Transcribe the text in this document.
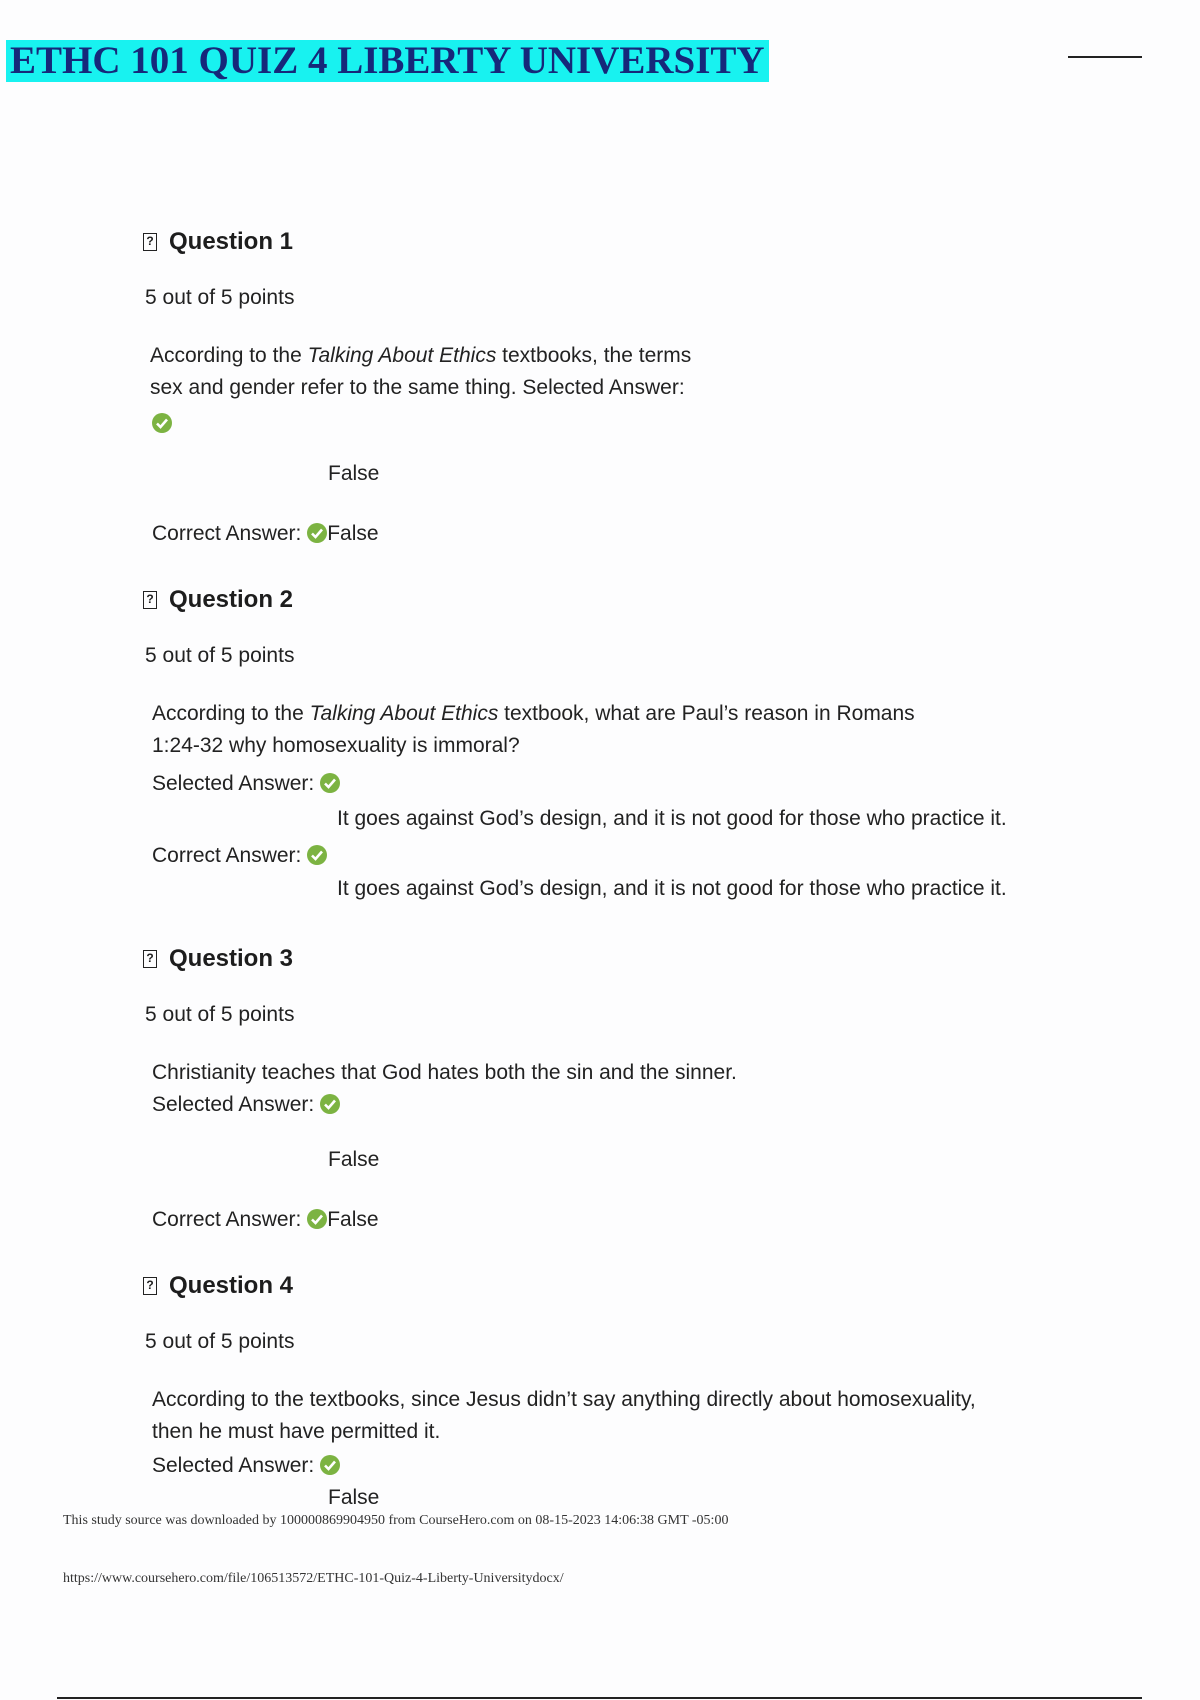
ETHC 101 QUIZ 4 LIBERTY UNIVERSITY
? Question 1
5 out of 5 points
According to the Talking About Ethics textbooks, the terms
sex and gender refer to the same thing. Selected Answer:
False
Correct Answer: False
? Question 2
5 out of 5 points
According to the Talking About Ethics textbook, what are Paul’s reason in Romans
1:24-32 why homosexuality is immoral?
Selected Answer:
It goes against God’s design, and it is not good for those who practice it.
Correct Answer:
It goes against God’s design, and it is not good for those who practice it.
? Question 3
5 out of 5 points
Christianity teaches that God hates both the sin and the sinner.
Selected Answer:
False
Correct Answer: False
? Question 4
5 out of 5 points
According to the textbooks, since Jesus didn’t say anything directly about homosexuality,
then he must have permitted it.
Selected Answer:
False
This study source was downloaded by 100000869904950 from CourseHero.com on 08-15-2023 14:06:38 GMT -05:00
https://www.coursehero.com/file/106513572/ETHC-101-Quiz-4-Liberty-Universitydocx/
